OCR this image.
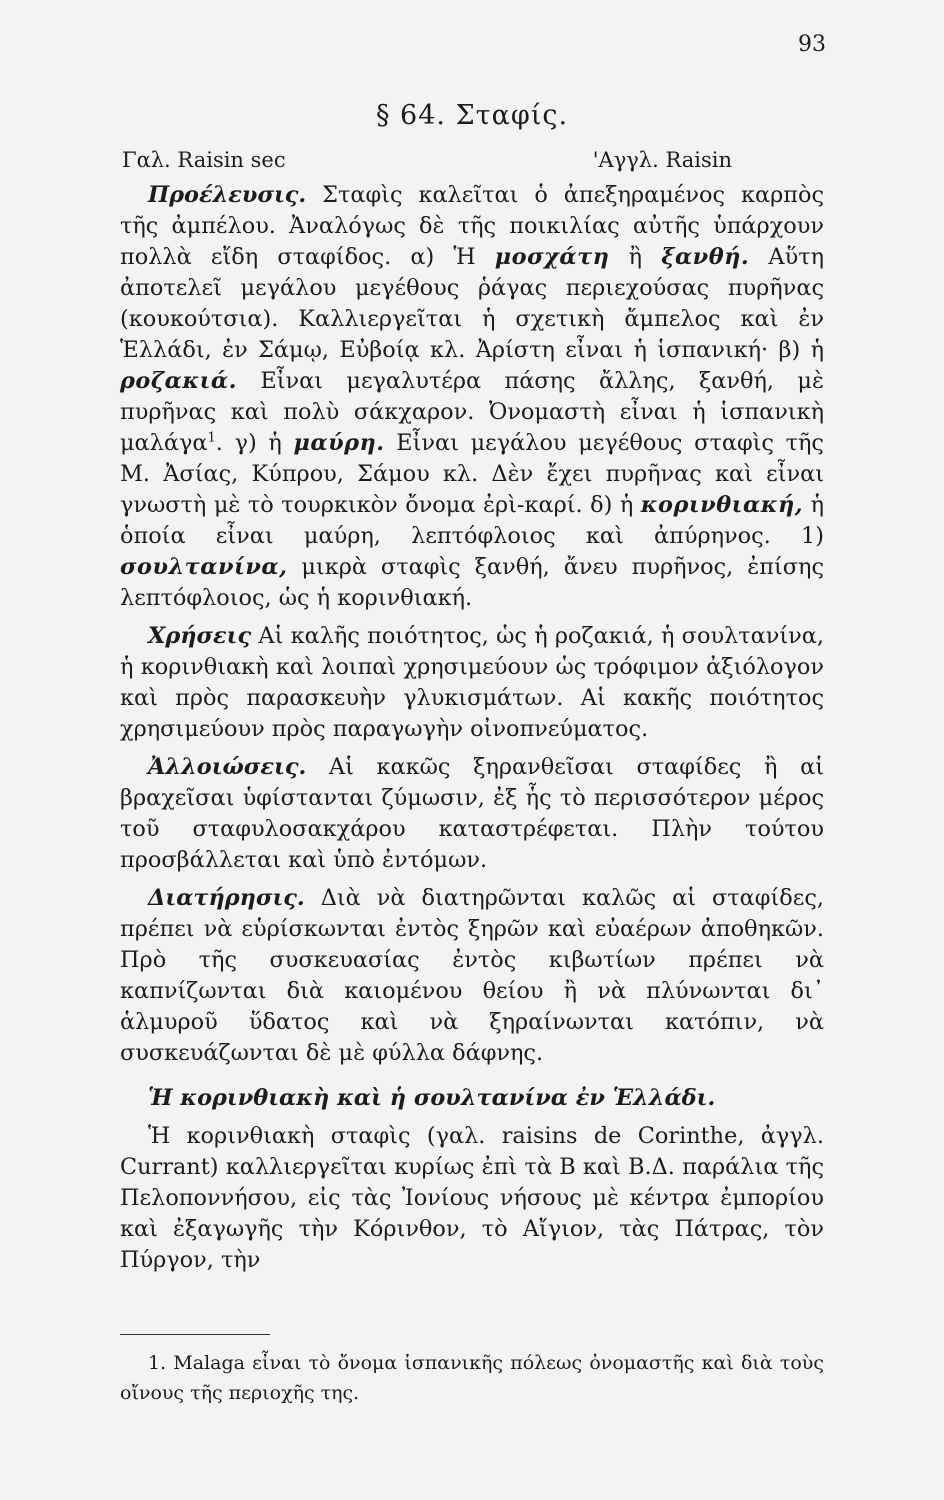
93
§ 64. Σταφίς.
Γαλ. Raisin sec	'Αγγλ. Raisin

Προέλευσις. Σταφὶς καλεῖται ὁ ἀπεξηραμένος καρπὸς τῆς ἀμπέλου. Ἀναλόγως δὲ τῆς ποικιλίας αὐτῆς ὑπάρχουν πολλὰ εἴδη σταφίδος. α) Ἡ μοσχάτη ἢ ξανθή. Αὕτη ἀποτελεῖ μεγάλου μεγέθους ῥάγας περιεχούσας πυρῆνας (κουκούτσια). Καλλιεργεῖται ἡ σχετικὴ ἄμπελος καὶ ἐν Ἑλλάδι, ἐν Σάμῳ, Εὐβοίᾳ κλ. Ἀρίστη εἶναι ἡ ἱσπανική· β) ἡ ροζακιά. Εἶναι μεγαλυτέρα πάσης ἄλλης, ξανθή, μὲ πυρῆνας καὶ πολὺ σάκχαρον. Ὀνομαστὴ εἶναι ἡ ἱσπανικὴ μαλάγα$^1$. γ) ἡ μαύρη. Εἶναι μεγάλου μεγέθους σταφὶς τῆς Μ. Ἀσίας, Κύπρου, Σάμου κλ. Δὲν ἔχει πυρῆνας καὶ εἶναι γνωστὴ μὲ τὸ τουρκικὸν ὄνομα ἐρὶ-καρί. δ) ἡ κορινθιακή, ἡ ὁποία εἶναι μαύρη, λεπτόφλοιος καὶ ἀπύρηνος. 1) σουλτανίνα, μικρὰ σταφὶς ξανθή, ἄνευ πυρῆνος, ἐπίσης λεπτόφλοιος, ὡς ἡ κορινθιακή.

Χρήσεις Αἱ καλῆς ποιότητος, ὡς ἡ ροζακιά, ἡ σουλτανίνα, ἡ κορινθιακὴ καὶ λοιπαὶ χρησιμεύουν ὡς τρόφιμον ἀξιόλογον καὶ πρὸς παρασκευὴν γλυκισμάτων. Αἱ κακῆς ποιότητος χρησιμεύουν πρὸς παραγωγὴν οἰνοπνεύματος.

Ἀλλοιώσεις. Αἱ κακῶς ξηρανθεῖσαι σταφίδες ἢ αἱ βραχεῖσαι ὑφίστανται ζύμωσιν, ἐξ ἧς τὸ περισσότερον μέρος τοῦ σταφυλοσακχάρου καταστρέφεται. Πλὴν τούτου προσβάλλεται καὶ ὑπὸ ἐντόμων.

Διατήρησις. Διὰ νὰ διατηρῶνται καλῶς αἱ σταφίδες, πρέπει νὰ εὑρίσκωνται ἐντὸς ξηρῶν καὶ εὐαέρων ἀποθηκῶν. Πρὸ τῆς συσκευασίας ἐντὸς κιβωτίων πρέπει νὰ καπνίζωνται διὰ καιομένου θείου ἢ νὰ πλύνωνται δι᾿ ἁλμυροῦ ὕδατος καὶ νὰ ξηραίνωνται κατόπιν, νὰ συσκευάζωνται δὲ μὲ φύλλα δάφνης.

Ἡ κορινθιακὴ καὶ ἡ σουλτανίνα ἐν Ἑλλάδι.

Ἡ κορινθιακὴ σταφὶς (γαλ. raisins de Corinthe, ἀγγλ. Currant) καλλιεργεῖται κυρίως ἐπὶ τὰ Β καὶ Β.Δ. παράλια τῆς Πελοποννήσου, εἰς τὰς Ἰονίους νήσους μὲ κέντρα ἐμπορίου καὶ ἐξαγωγῆς τὴν Κόρινθον, τὸ Αἴγιον, τὰς Πάτρας, τὸν Πύργον, τὴν

1. Malaga εἶναι τὸ ὄνομα ἱσπανικῆς πόλεως ὀνομαστῆς καὶ διὰ τοὺς οἴνους τῆς περιοχῆς της.
